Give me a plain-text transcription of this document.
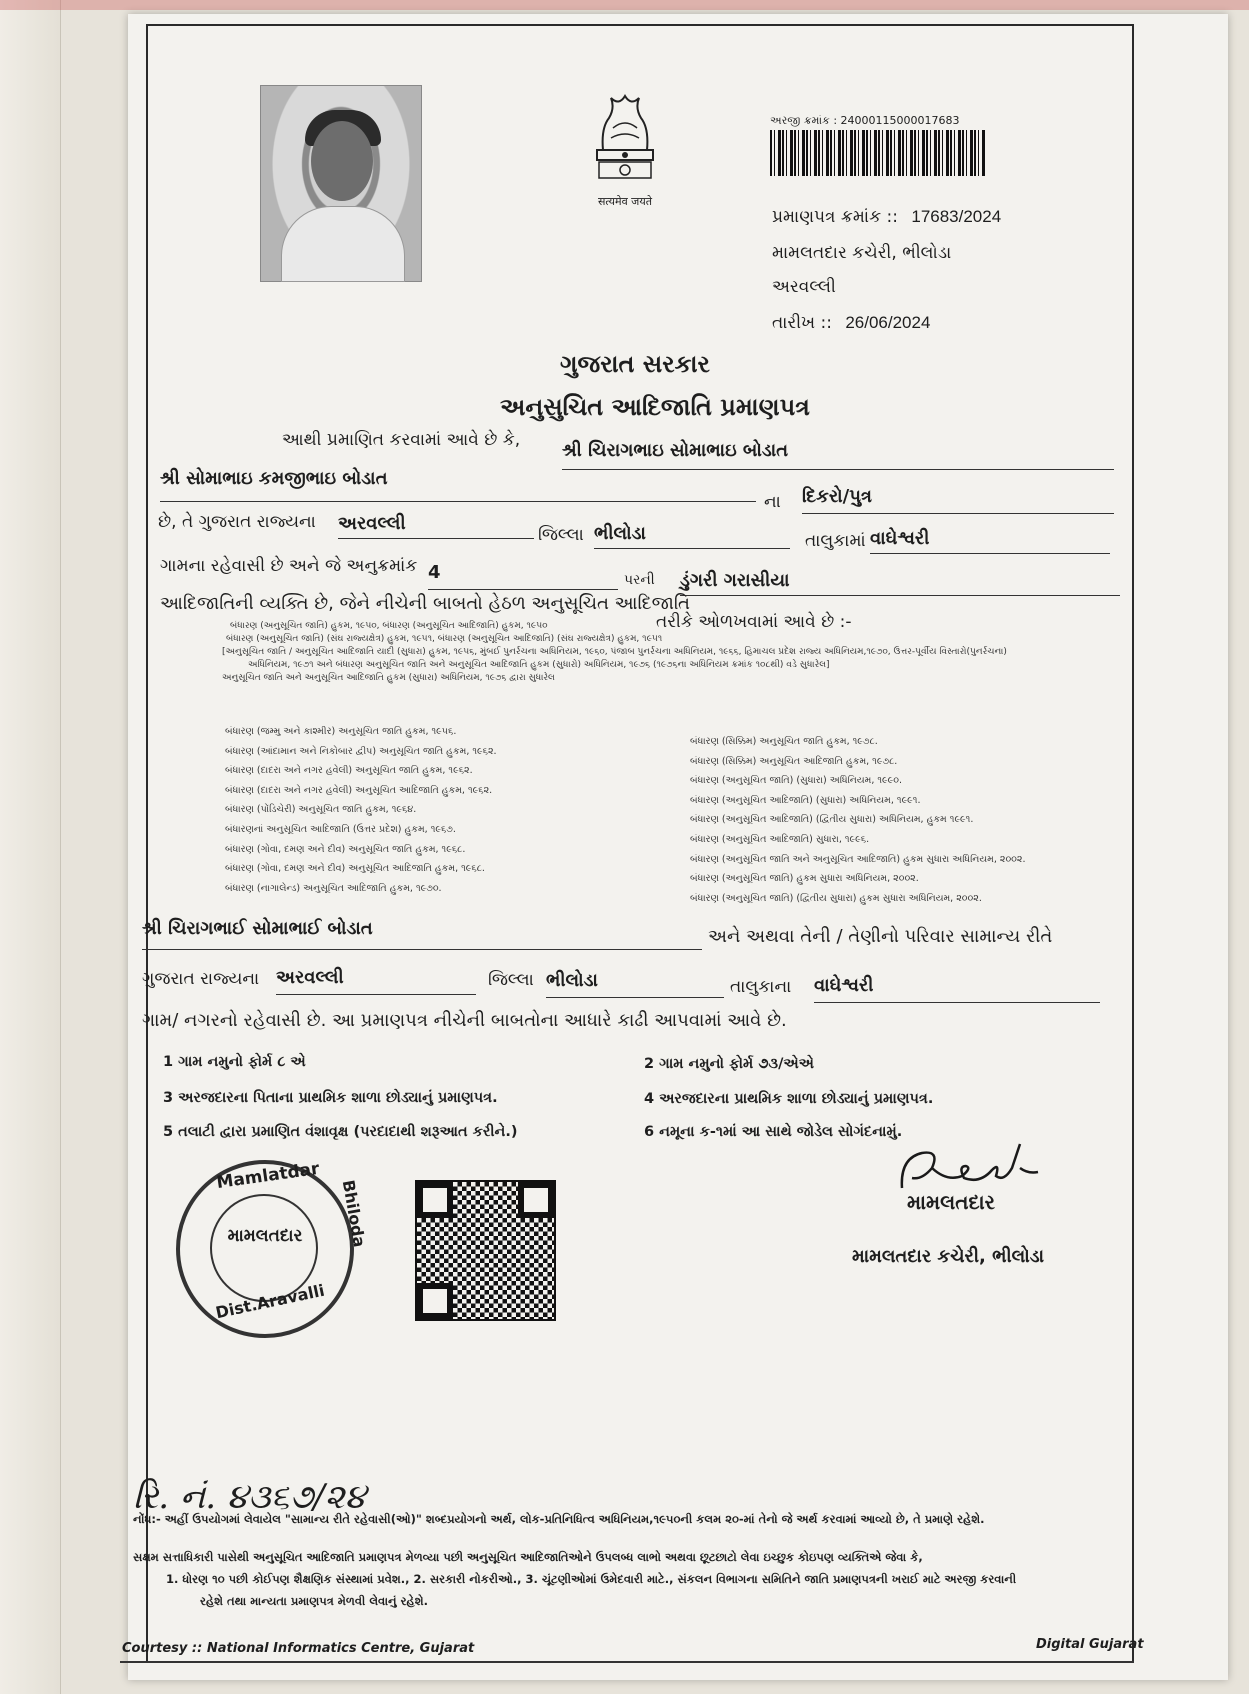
सत्यमेव जयते
અરજી ક્રમાંક : 24000115000017683
પ્રમાણપત્ર ક્રમાંક :: 17683/2024
મામલતદાર કચેરી, ભીલોડા
અરવલ્લી
તારીખ :: 26/06/2024
ગુજરાત સરકાર
અનુસુચિત આદિજાતિ પ્રમાણપત્ર
આથી પ્રમાણિત કરવામાં આવે છે કે, શ્રી ચિરાગભાઇ સોમાભાઇ બોડાત
શ્રી સોમાભાઇ કમજીભાઇ બોડાત
ના દિકરો/પુત્ર
છે, તે ગુજરાત રાજ્યના અરવલ્લી
જિલ્લા ભીલોડા	તાલુકામાં વાઘેશ્વરી
ગામના રહેવાસી છે અને જે અનુક્રમાંક 4	પરની ડુંગરી ગરાસીયા
આદિજાતિની વ્યક્તિ છે, જેને નીચેની બાબતો હેઠળ અનુસૂચિત આદિજાતિ
તરીકે ઓળખવામાં આવે છે :-
બંધારણ (અનુસૂચિત જાતિ) હુકમ, ૧૯૫૦, બંધારણ (અનુસૂચિત આદિજાતિ) હુકમ, ૧૯૫૦
બંધારણ (અનુસૂચિત જાતિ) (સંઘ રાજ્યક્ષેત્ર) હુકમ, ૧૯૫૧, બંધારણ (અનુસૂચિત આદિજાતિ) (સંઘ રાજ્યક્ષેત્ર) હુકમ, ૧૯૫૧
[અનુસૂચિત જાતિ / અનુસૂચિત આદિજાતિ યાદી (સુધારા) હુકમ, ૧૯૫૬, મુંબઈ પુનર્રચના અધિનિયમ, ૧૯૬૦, પંજાબ પુનર્રચના અધિનિયમ, ૧૯૬૬, હિમાચલ પ્રદેશ રાજ્ય અધિનિયમ,૧૯૭૦, ઉત્તર-પૂર્વીય વિસ્તારો(પુનર્રચના)
અધિનિયમ, ૧૯૭૧ અને બંધારણ અનુસૂચિત જાતિ અને અનુસૂચિત આદિજાતિ હુકમ (સુધારો) અધિનિયમ, ૧૯૭૬ (૧૯૭૬ના અધિનિયમ ક્રમાંક ૧૦૮થી) વડે સુધારેલ]
અનુસૂચિત જાતિ અને અનુસૂચિત આદિજાતિ હુકમ (સુધારા) અધિનિયમ, ૧૯૭૬ દ્વારા સુધારેલ
બંધારણ (જમ્મુ અને કાશ્મીર) અનુસૂચિત જાતિ હુકમ, ૧૯૫૬.
બંધારણ (આંદામાન અને નિકોબાર દ્વીપ) અનુસૂચિત જાતિ હુકમ, ૧૯૬૨.
બંધારણ (દાદરા અને નગર હવેલી) અનુસૂચિત જાતિ હુકમ, ૧૯૬૨.
બંધારણ (દાદરા અને નગર હવેલી) અનુસૂચિત આદિજાતિ હુકમ, ૧૯૬૨.
બંધારણ (પોંડિચેરી) અનુસૂચિત જાતિ હુકમ, ૧૯૬૪.
બંધારણનાં અનુસૂચિત આદિજાતિ (ઉત્તર પ્રદેશ) હુકમ, ૧૯૬૭.
બંધારણ (ગોવા, દમણ અને દીવ) અનુસૂચિત જાતિ હુકમ, ૧૯૬૮.
બંધારણ (ગોવા, દમણ અને દીવ) અનુસૂચિત આદિજાતિ હુકમ, ૧૯૬૮.
બંધારણ (નાગાલેન્ડ) અનુસૂચિત આદિજાતિ હુકમ, ૧૯૭૦.
બંધારણ (સિક્કિમ) અનુસૂચિત જાતિ હુકમ, ૧૯૭૮.
બંધારણ (સિક્કિમ) અનુસૂચિત આદિજાતિ હુકમ, ૧૯૭૮.
બંધારણ (અનુસૂચિત જાતિ) (સુધારા) અધિનિયમ, ૧૯૯૦.
બંધારણ (અનુસૂચિત આદિજાતિ) (સુધારા) અધિનિયમ, ૧૯૯૧.
બંધારણ (અનુસૂચિત આદિજાતિ) (દ્વિતીય સુધારા) અધિનિયમ, હુકમ ૧૯૯૧.
બંધારણ (અનુસૂચિત આદિજાતિ) સુધારા, ૧૯૯૬.
બંધારણ (અનુસૂચિત જાતિ અને અનુસૂચિત આદિજાતિ) હુકમ સુધારા અધિનિયમ, ૨૦૦૨.
બંધારણ (અનુસૂચિત જાતિ) હુકમ સુધારા અધિનિયમ, ૨૦૦૨.
બંધારણ (અનુસૂચિત જાતિ) (દ્વિતીય સુધારા) હુકમ સુધારા અધિનિયમ, ૨૦૦૨.
શ્રી ચિરાગભાઈ સોમાભાઈ બોડાત	અને અથવા તેની / તેણીનો પરિવાર સામાન્ય રીતે
ગુજરાત રાજ્યના અરવલ્લી	જિલ્લા ભીલોડા	તાલુકાના વાઘેશ્વરી
ગામ/ નગરનો રહેવાસી છે. આ પ્રમાણપત્ર નીચેની બાબતોના આધારે કાઢી આપવામાં આવે છે.
1 ગામ નમુનો ફોર્મ ૮ એ	2 ગામ નમુનો ફોર્મ ૭૩/એએ
3 અરજદારના પિતાના પ્રાથમિક શાળા છોડ્યાનું પ્રમાણપત્ર.	4 અરજદારના પ્રાથમિક શાળા છોડ્યાનું પ્રમાણપત્ર.
5 તલાટી દ્વારા પ્રમાણિત વંશાવૃક્ષ (પરદાદાથી શરૂઆત કરીને.)	6 નમૂના ક-૧માં આ સાથે જોડેલ સોગંદનામું.
Mamlatdar
Bhiloda
મામલતદાર
Dist.Aravalli
મામલતદાર
મામલતદાર કચેરી, ભીલોડા
રિ. નં. ૪૩૬૭/૨૪
નોંધ:- અહીં ઉપયોગમાં લેવાયેલ "સામાન્ય રીતે રહેવાસી(ઓ)" શબ્દપ્રયોગનો અર્થ, લોક-પ્રતિનિધિત્વ અધિનિયમ,૧૯૫૦ની કલમ ૨૦-માં તેનો જે અર્થ કરવામાં આવ્યો છે, તે પ્રમાણે રહેશે.
સક્ષમ સત્તાધિકારી પાસેથી અનુસૂચિત આદિજાતિ પ્રમાણપત્ર મેળવ્યા પછી અનુસૂચિત આદિજાતિઓને ઉપલબ્ધ લાભો અથવા છૂટછાટો લેવા ઇચ્છુક કોઇપણ વ્યક્તિએ જેવા કે,
1. ધોરણ ૧૦ પછી કોઈપણ શૈક્ષણિક સંસ્થામાં પ્રવેશ., 2. સરકારી નોકરીઓ., 3. ચૂંટણીઓમાં ઉમેદવારી માટે., સંકલન વિભાગના સમિતિને જાતિ પ્રમાણપત્રની ખરાઈ માટે અરજી કરવાની
રહેશે તથા માન્યતા પ્રમાણપત્ર મેળવી લેવાનું રહેશે.
Courtesy :: National Informatics Centre, Gujarat	Digital Gujarat
